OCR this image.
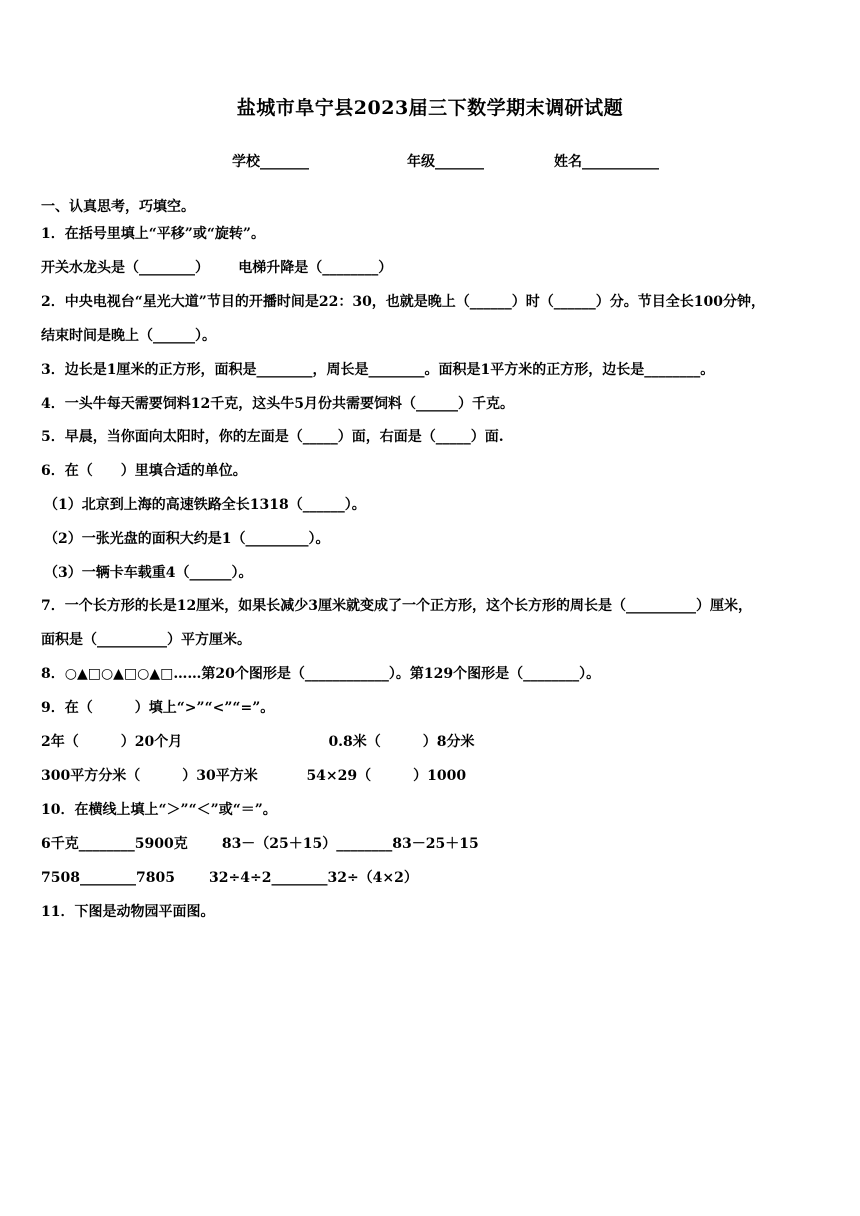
盐城市阜宁县2023届三下数学期末调研试题
学校_______	年级_______	姓名___________
一、认真思考，巧填空。
1．在括号里填上“平移”或“旋转”。
开关水龙头是（________）      电梯升降是（________）
2．中央电视台“星光大道”节目的开播时间是22：30，也就是晚上（______）时（______）分。节目全长100分钟，
结束时间是晚上（______）。
3．边长是1厘米的正方形，面积是________，周长是________。面积是1平方米的正方形，边长是________。
4．一头牛每天需要饲料12千克，这头牛5月份共需要饲料（______）千克。
5．早晨，当你面向太阳时，你的左面是（_____）面，右面是（_____）面.
6．在（　　）里填合适的单位。
（1）北京到上海的高速铁路全长1318（______）。
（2）一张光盘的面积大约是1（_________）。
（3）一辆卡车载重4（______）。
7．一个长方形的长是12厘米，如果长减少3厘米就变成了一个正方形，这个长方形的周长是（__________）厘米，
面积是（__________）平方厘米。
8．○▲□○▲□○▲□……第20个图形是（____________）。第129个图形是（________）。
9．在（　　　）填上“>”“<”“=”。
2年（　　　）20个月                              0.8米（　　　）8分米
300平方分米（　　　）30平方米          54×29（　　　）1000
10．在横线上填上“＞”“＜”或“＝”。
6千克________5900克       83－（25＋15）________83－25＋15
7508________7805       32÷4÷2________32÷（4×2）
11．下图是动物园平面图。
